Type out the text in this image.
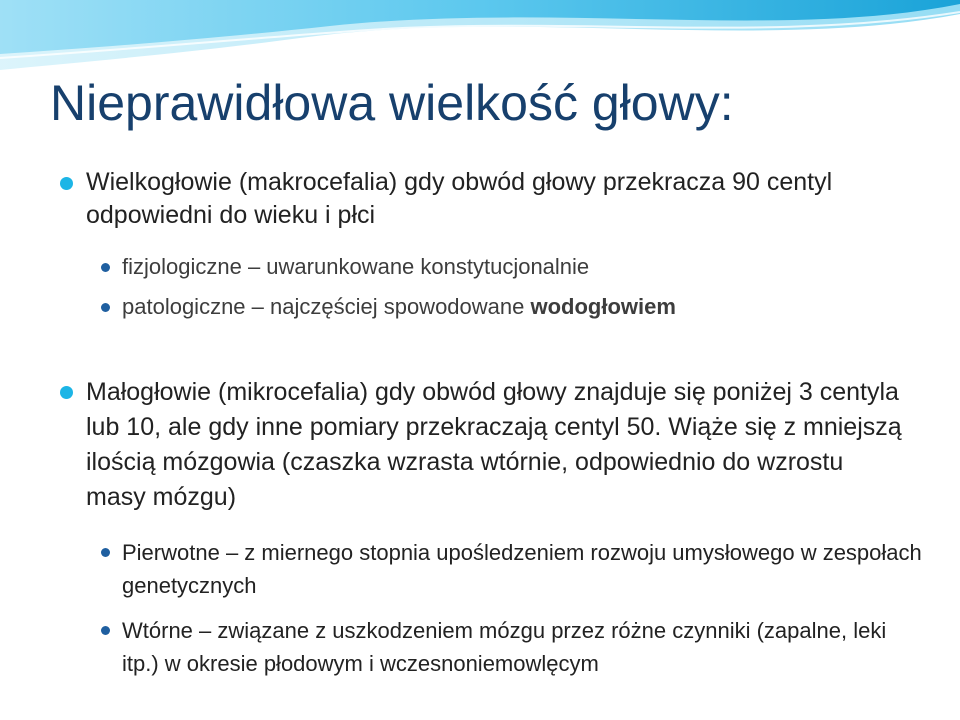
Nieprawidłowa wielkość głowy:
Wielkogłowie (makrocefalia) gdy obwód głowy przekracza 90 centyl odpowiedni do wieku i płci
fizjologiczne – uwarunkowane konstytucjonalnie
patologiczne – najczęściej spowodowane wodogłowiem
Małogłowie (mikrocefalia) gdy obwód głowy znajduje się poniżej 3 centyla lub 10, ale gdy inne pomiary przekraczają centyl 50. Wiąże się z mniejszą ilością mózgowia (czaszka wzrasta wtórnie, odpowiednio do wzrostu masy mózgu)
Pierwotne – z miernego stopnia upośledzeniem rozwoju umysłowego w zespołach genetycznych
Wtórne – związane z uszkodzeniem mózgu przez różne czynniki (zapalne, leki itp.) w okresie płodowym i wczesnoniemowlęcym
